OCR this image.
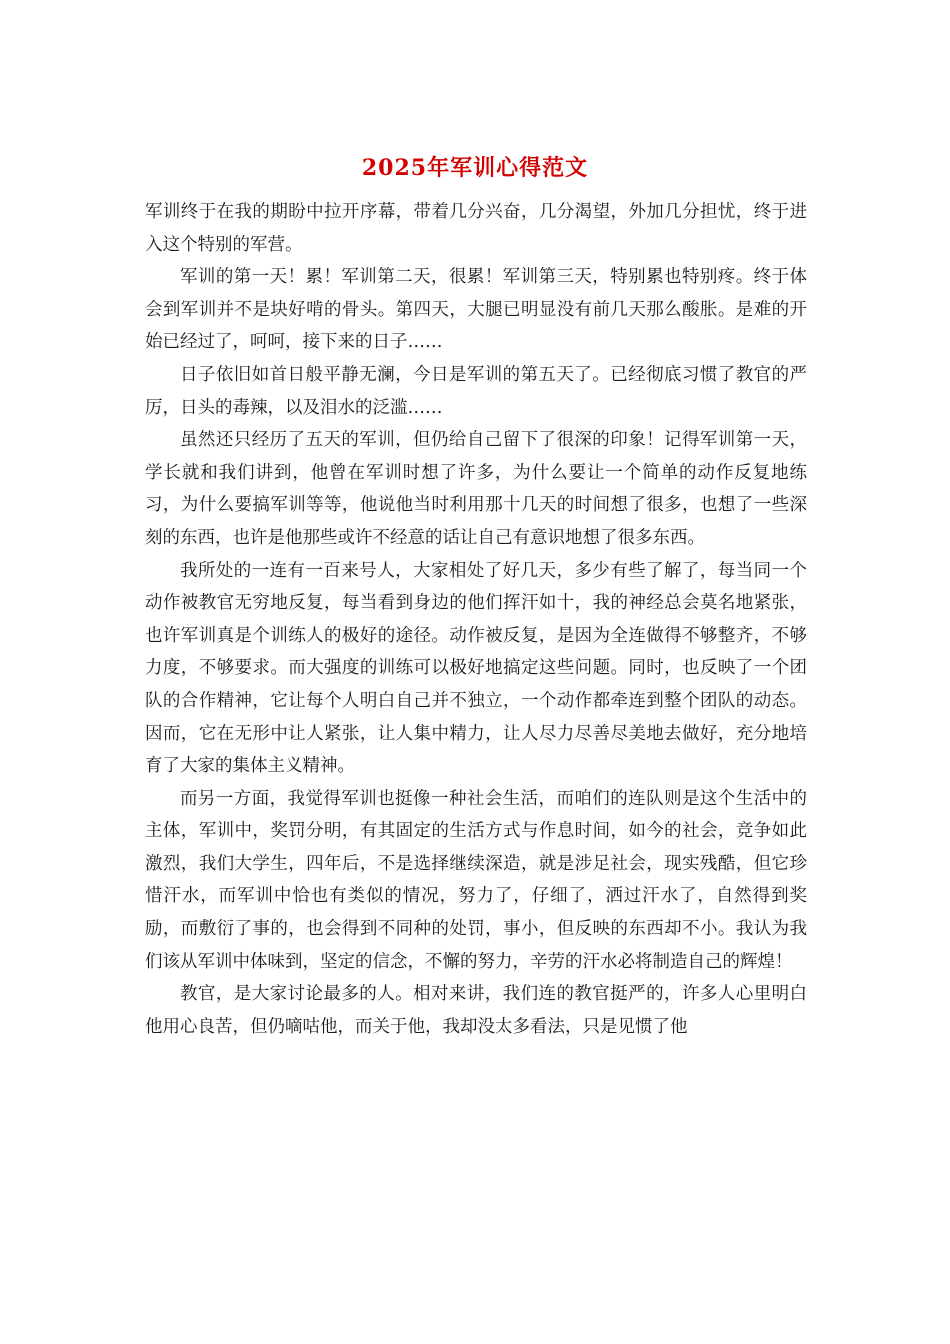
2025年军训心得范文

军训终于在我的期盼中拉开序幕，带着几分兴奋，几分渴望，外加几分担忧，终于进入这个特别的军营。

军训的第一天！累！军训第二天，很累！军训第三天，特别累也特别疼。终于体会到军训并不是块好啃的骨头。第四天，大腿已明显没有前几天那么酸胀。是难的开始已经过了，呵呵，接下来的日子……

日子依旧如首日般平静无澜，今日是军训的第五天了。已经彻底习惯了教官的严厉，日头的毒辣，以及泪水的泛滥……

虽然还只经历了五天的军训，但仍给自己留下了很深的印象！记得军训第一天，学长就和我们讲到，他曾在军训时想了许多，为什么要让一个简单的动作反复地练习，为什么要搞军训等等，他说他当时利用那十几天的时间想了很多，也想了一些深刻的东西，也许是他那些或许不经意的话让自己有意识地想了很多东西。

我所处的一连有一百来号人，大家相处了好几天，多少有些了解了，每当同一个动作被教官无穷地反复，每当看到身边的他们挥汗如十，我的神经总会莫名地紧张，也许军训真是个训练人的极好的途径。动作被反复，是因为全连做得不够整齐，不够力度，不够要求。而大强度的训练可以极好地搞定这些问题。同时，也反映了一个团队的合作精神，它让每个人明白自己并不独立，一个动作都牵连到整个团队的动态。因而，它在无形中让人紧张，让人集中精力，让人尽力尽善尽美地去做好，充分地培育了大家的集体主义精神。

而另一方面，我觉得军训也挺像一种社会生活，而咱们的连队则是这个生活中的主体，军训中，奖罚分明，有其固定的生活方式与作息时间，如今的社会，竞争如此激烈，我们大学生，四年后，不是选择继续深造，就是涉足社会，现实残酷，但它珍惜汗水，而军训中恰也有类似的情况，努力了，仔细了，洒过汗水了，自然得到奖励，而敷衍了事的，也会得到不同种的处罚，事小，但反映的东西却不小。我认为我们该从军训中体味到，坚定的信念，不懈的努力，辛劳的汗水必将制造自己的辉煌！

教官，是大家讨论最多的人。相对来讲，我们连的教官挺严的，许多人心里明白他用心良苦，但仍嘀咕他，而关于他，我却没太多看法，只是见惯了他
